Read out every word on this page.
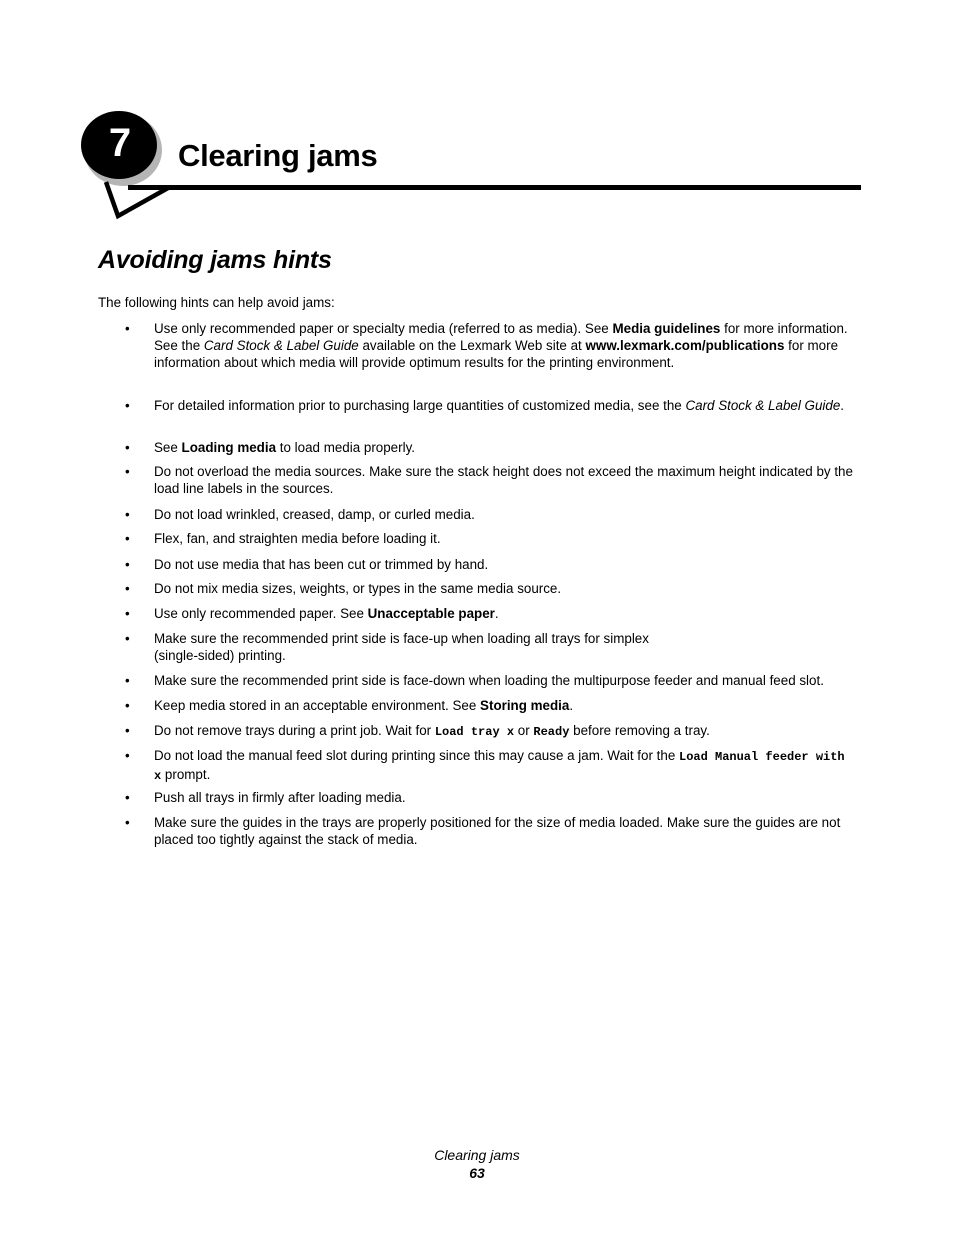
7 Clearing jams
Avoiding jams hints

The following hints can help avoid jams:

• Use only recommended paper or specialty media (referred to as media). See Media guidelines for more information. See the Card Stock & Label Guide available on the Lexmark Web site at www.lexmark.com/publications for more information about which media will provide optimum results for the printing environment.
• For detailed information prior to purchasing large quantities of customized media, see the Card Stock & Label Guide.
• See Loading media to load media properly.
• Do not overload the media sources. Make sure the stack height does not exceed the maximum height indicated by the load line labels in the sources.
• Do not load wrinkled, creased, damp, or curled media.
• Flex, fan, and straighten media before loading it.
• Do not use media that has been cut or trimmed by hand.
• Do not mix media sizes, weights, or types in the same media source.
• Use only recommended paper. See Unacceptable paper.
• Make sure the recommended print side is face-up when loading all trays for simplex
(single-sided) printing.
• Make sure the recommended print side is face-down when loading the multipurpose feeder and manual feed slot.
• Keep media stored in an acceptable environment. See Storing media.
• Do not remove trays during a print job. Wait for Load tray x or Ready before removing a tray.
• Do not load the manual feed slot during printing since this may cause a jam. Wait for the Load Manual feeder with x prompt.
• Push all trays in firmly after loading media.
• Make sure the guides in the trays are properly positioned for the size of media loaded. Make sure the guides are not placed too tightly against the stack of media.
Clearing jams
63
